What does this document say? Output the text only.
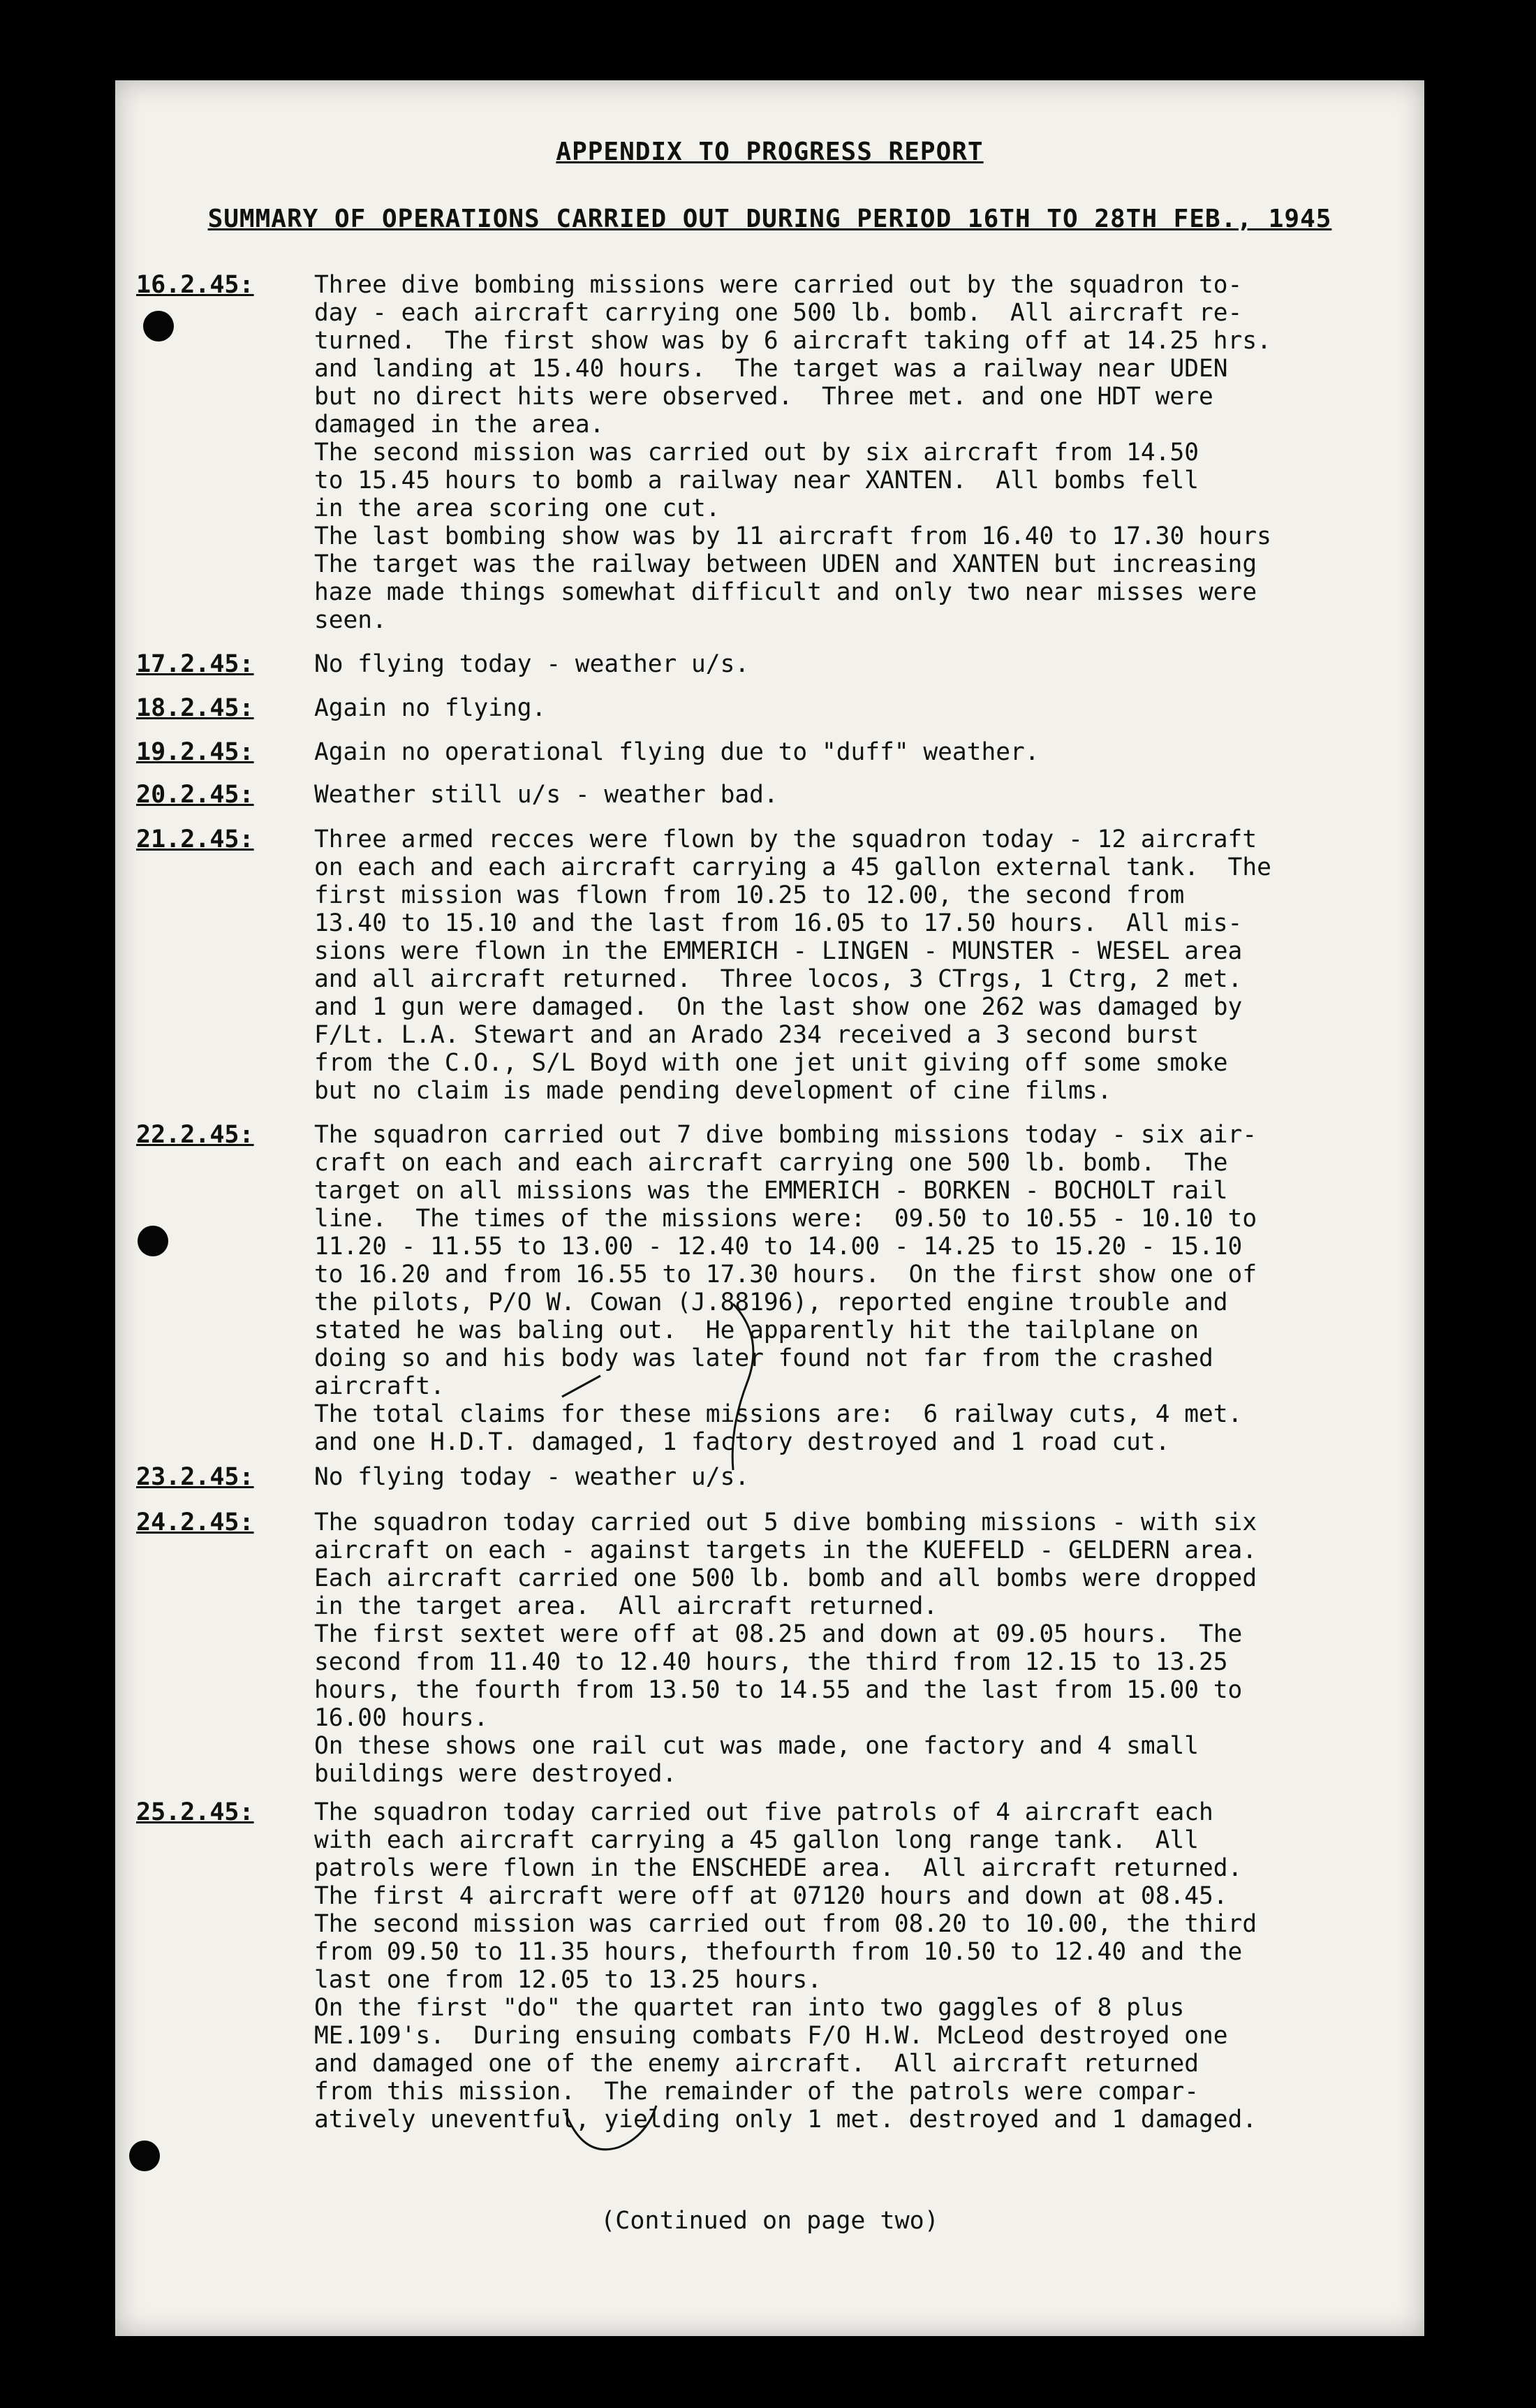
APPENDIX TO PROGRESS REPORT
SUMMARY OF OPERATIONS CARRIED OUT DURING PERIOD 16TH TO 28TH FEB., 1945
16.2.45:	Three dive bombing missions were carried out by the squadron to-
day - each aircraft carrying one 500 lb. bomb.  All aircraft re-
turned.  The first show was by 6 aircraft taking off at 14.25 hrs.
and landing at 15.40 hours.  The target was a railway near UDEN
but no direct hits were observed.  Three met. and one HDT were
damaged in the area.
The second mission was carried out by six aircraft from 14.50
to 15.45 hours to bomb a railway near XANTEN.  All bombs fell
in the area scoring one cut.
The last bombing show was by 11 aircraft from 16.40 to 17.30 hours
The target was the railway between UDEN and XANTEN but increasing
haze made things somewhat difficult and only two near misses were
seen.
17.2.45:	No flying today - weather u/s.
18.2.45:	Again no flying.
19.2.45:	Again no operational flying due to "duff" weather.
20.2.45:	Weather still u/s - weather bad.
21.2.45:	Three armed recces were flown by the squadron today - 12 aircraft
on each and each aircraft carrying a 45 gallon external tank.  The
first mission was flown from 10.25 to 12.00, the second from
13.40 to 15.10 and the last from 16.05 to 17.50 hours.  All mis-
sions were flown in the EMMERICH - LINGEN - MUNSTER - WESEL area
and all aircraft returned.  Three locos, 3 CTrgs, 1 Ctrg, 2 met.
and 1 gun were damaged.  On the last show one 262 was damaged by
F/Lt. L.A. Stewart and an Arado 234 received a 3 second burst
from the C.O., S/L Boyd with one jet unit giving off some smoke
but no claim is made pending development of cine films.
22.2.45:	The squadron carried out 7 dive bombing missions today - six air-
craft on each and each aircraft carrying one 500 lb. bomb.  The
target on all missions was the EMMERICH - BORKEN - BOCHOLT rail
line.  The times of the missions were:  09.50 to 10.55 - 10.10 to
11.20 - 11.55 to 13.00 - 12.40 to 14.00 - 14.25 to 15.20 - 15.10
to 16.20 and from 16.55 to 17.30 hours.  On the first show one of
the pilots, P/O W. Cowan (J.88196), reported engine trouble and
stated he was baling out.  He apparently hit the tailplane on
doing so and his body was later found not far from the crashed
aircraft.
The total claims for these missions are:  6 railway cuts, 4 met.
and one H.D.T. damaged, 1 factory destroyed and 1 road cut.
23.2.45:	No flying today - weather u/s.
24.2.45:	The squadron today carried out 5 dive bombing missions - with six
aircraft on each - against targets in the KUEFELD - GELDERN area.
Each aircraft carried one 500 lb. bomb and all bombs were dropped
in the target area.  All aircraft returned.
The first sextet were off at 08.25 and down at 09.05 hours.  The
second from 11.40 to 12.40 hours, the third from 12.15 to 13.25
hours, the fourth from 13.50 to 14.55 and the last from 15.00 to
16.00 hours.
On these shows one rail cut was made, one factory and 4 small
buildings were destroyed.
25.2.45:	The squadron today carried out five patrols of 4 aircraft each
with each aircraft carrying a 45 gallon long range tank.  All
patrols were flown in the ENSCHEDE area.  All aircraft returned.
The first 4 aircraft were off at 07120 hours and down at 08.45.
The second mission was carried out from 08.20 to 10.00, the third
from 09.50 to 11.35 hours, thefourth from 10.50 to 12.40 and the
last one from 12.05 to 13.25 hours.
On the first "do" the quartet ran into two gaggles of 8 plus
ME.109's.  During ensuing combats F/O H.W. McLeod destroyed one
and damaged one of the enemy aircraft.  All aircraft returned
from this mission.  The remainder of the patrols were compar-
atively uneventful, yielding only 1 met. destroyed and 1 damaged.
(Continued on page two)
